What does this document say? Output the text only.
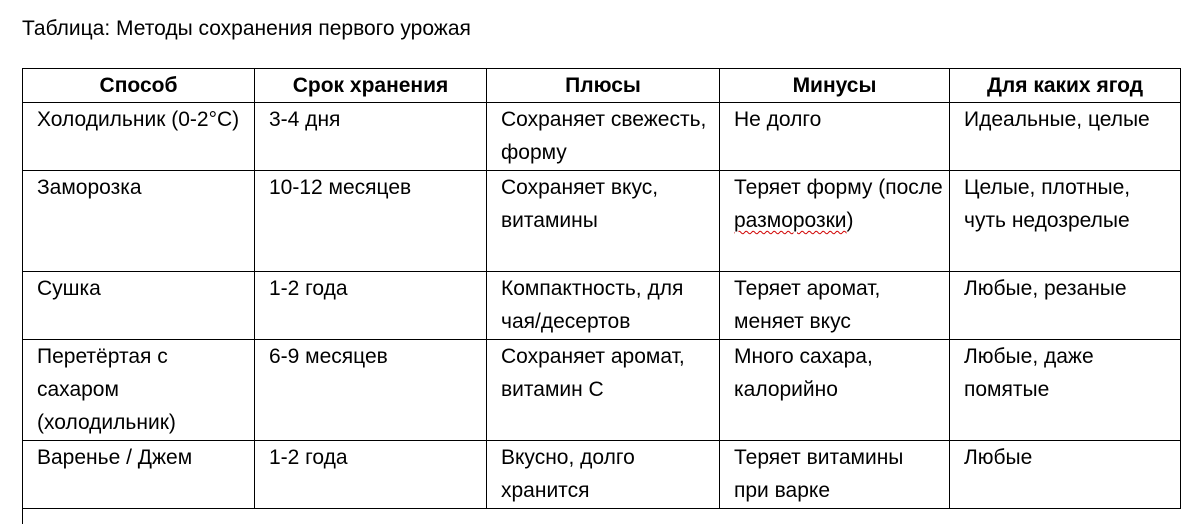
Таблица: Методы сохранения первого урожая
Способ	Срок хранения	Плюсы	Минусы	Для каких ягод
Холодильник (0-2°C)	3-4 дня	Сохраняет свежесть, форму	Не долго	Идеальные, целые
Заморозка	10-12 месяцев	Сохраняет вкус, витамины	Теряет форму (после разморозки)	Целые, плотные, чуть недозрелые
Сушка	1-2 года	Компактность, для чая/десертов	Теряет аромат, меняет вкус	Любые, резаные
Перетёртая с сахаром (холодильник)	6-9 месяцев	Сохраняет аромат, витамин С	Много сахара, калорийно	Любые, даже помятые
Варенье / Джем	1-2 года	Вкусно, долго хранится	Теряет витамины при варке	Любые
